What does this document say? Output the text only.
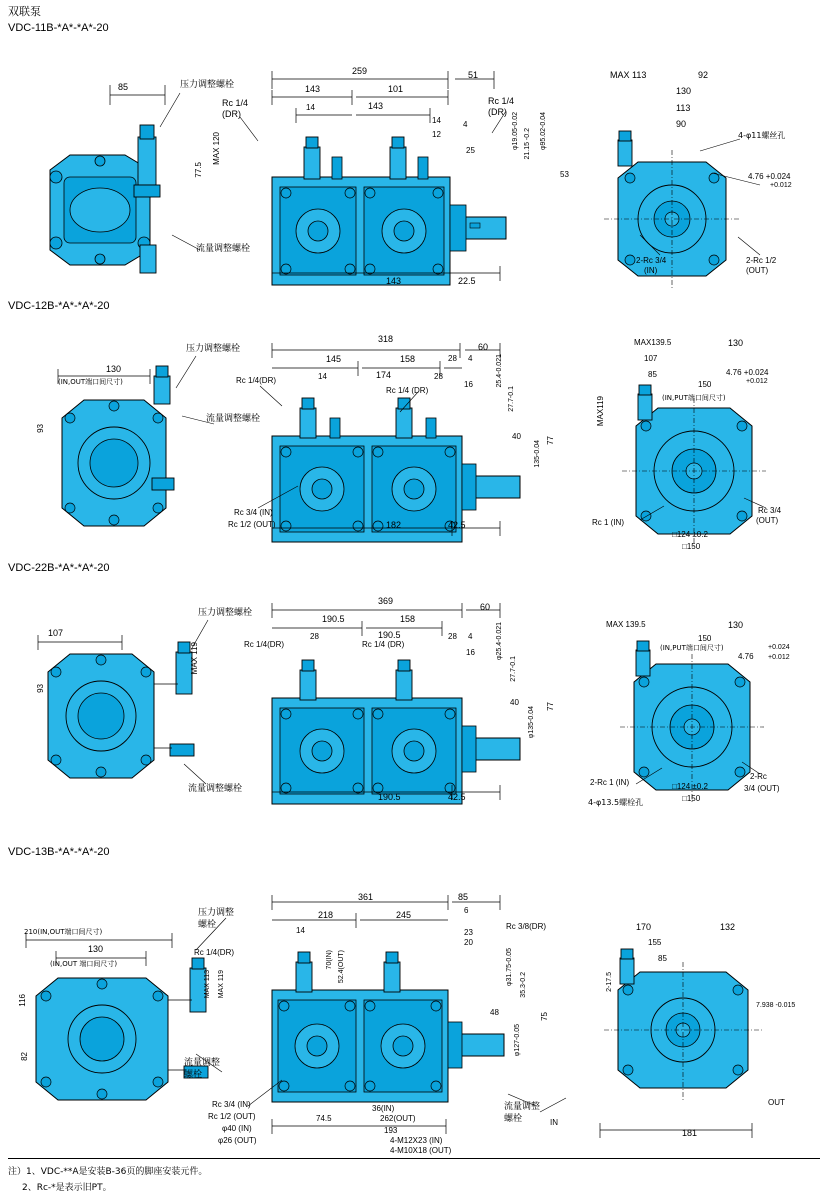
双联泵
VDC-11B-*A*-*A*-20
85	压力调整螺栓
Rc 1/4
(DR)
259
143	101
51
14	143
14
12
4
25
Rc 1/4
(DR) φ19.05-0.02 21.15 -0.2 φ95.02-0.04
53
77.5
MAX 120
流量调整螺栓
143	22.5
MAX 113	92
130
113
90
4-φ11螺丝孔
4.76 +0.024
+0.012
2-Rc 3/4
(IN)
2-Rc 1/2
(OUT)
VDC-12B-*A*-*A*-20
130
(IN,OUT端口间尺寸)
93
压力调整螺栓
Rc 1/4(DR)
流量调整螺栓
318
145	158	28 4
60
14	174	28
16
Rc 1/4 (DR)
25.4-0.021
27.7-0.1
40	77
135-0.04
Rc 3/4 (IN)
Rc 1/2 (OUT)	182	42.5
MAX139.5	130
107
85
150
4.76 +0.024
+0.012
(IN,PUT端口间尺寸)
MAX119
Rc 1 (IN)
Rc 3/4
(OUT)
□124 ±0.2
□150
VDC-22B-*A*-*A*-20
107
93
MAX 119
压力调整螺栓
流量调整螺栓
369
190.5	158
60
28	190.5	28 4
16
Rc 1/4(DR)	Rc 1/4 (DR)	φ25.4-0.021
27.7-0.1
40	77
φ135-0.04
190.5	42.5
2-Rc 1 (IN)
4-φ13.5螺栓孔
MAX 139.5	130
150
(IN,PUT端口间尺寸)
4.76
+0.024
+0.012
2-Rc
3/4 (OUT)
□124 ±0.2
□150
VDC-13B-*A*-*A*-20
210(IN,OUT端口间尺寸)
130
(IN,OUT 端口间尺寸)
116
82
压力调整
螺栓
Rc 1/4(DR)
MAX 113 MAX 119
流量调整
螺栓
361	85
218	245	6
14	23
20
Rc 3/8(DR)
70(IN) 52.4(OUT)	φ31.75-0.05 35.3-0.2
48	75
φ127-0.05
36(IN)
262(OUT)
Rc 3/4 (IN)
Rc 1/2 (OUT)
φ40 (IN)
φ26 (OUT)
74.5
193
4-M12X23 (IN)
4-M10X18 (OUT)
流量调整
螺栓	IN
OUT
170	132
155
85
2-17.5
7.938 -0.015
181
注）1、VDC-**A是安装B-36页的脚座安装元件。
2、Rc-*是表示旧PT。
